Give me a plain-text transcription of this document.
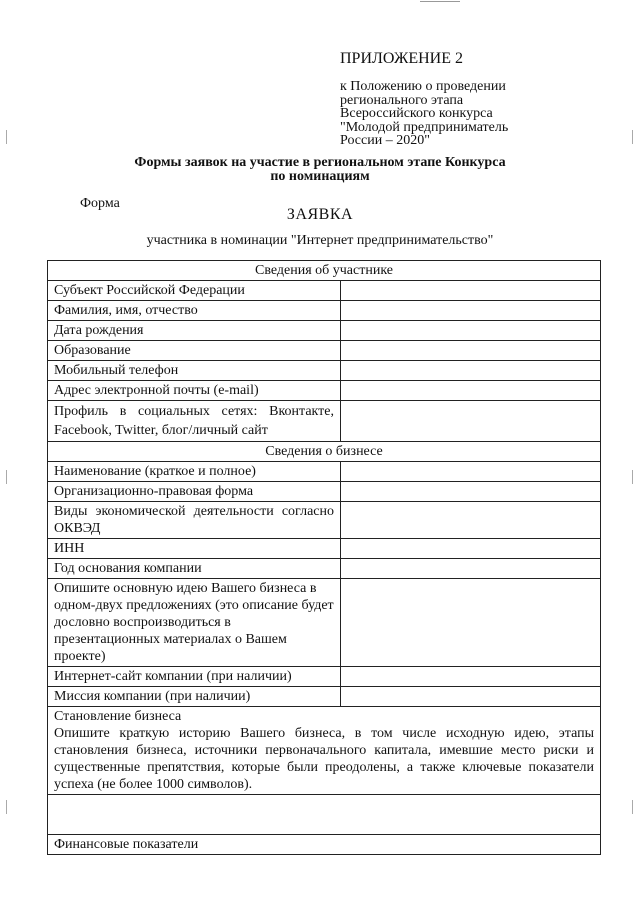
ПРИЛОЖЕНИЕ 2
к Положению о проведении
регионального этапа
Всероссийского конкурса
"Молодой предприниматель
России – 2020"
Формы заявок на участие в региональном этапе Конкурса
по номинациям
Форма
ЗАЯВКА
участника в номинации "Интернет предпринимательство"
Сведения об участнике	
Субъект Российской Федерации	
Фамилия, имя, отчество	
Дата рождения	
Образование	
Мобильный телефон	
Адрес электронной почты (e-mail)	
Профиль в социальных сетях: Вконтакте, Facebook, Twitter, блог/личный сайт	
Сведения о бизнесе	
Наименование (краткое и полное)	
Организационно-правовая форма	
Виды экономической деятельности согласно ОКВЭД	
ИНН	
Год основания компании	
Опишите основную идею Вашего бизнеса в одном-двух предложениях (это описание будет дословно воспроизводиться в презентационных материалах о Вашем проекте)	
Интернет-сайт компании (при наличии)	
Миссия компании (при наличии)	

Становление бизнеса
Опишите краткую историю Вашего бизнеса, в том числе исходную идею, этапы становления бизнеса, источники первоначального капитала, имевшие место риски и существенные препятствия, которые были преодолены, а также ключевые показатели успеха (не более 1000 символов).	

Финансовые показатели	
